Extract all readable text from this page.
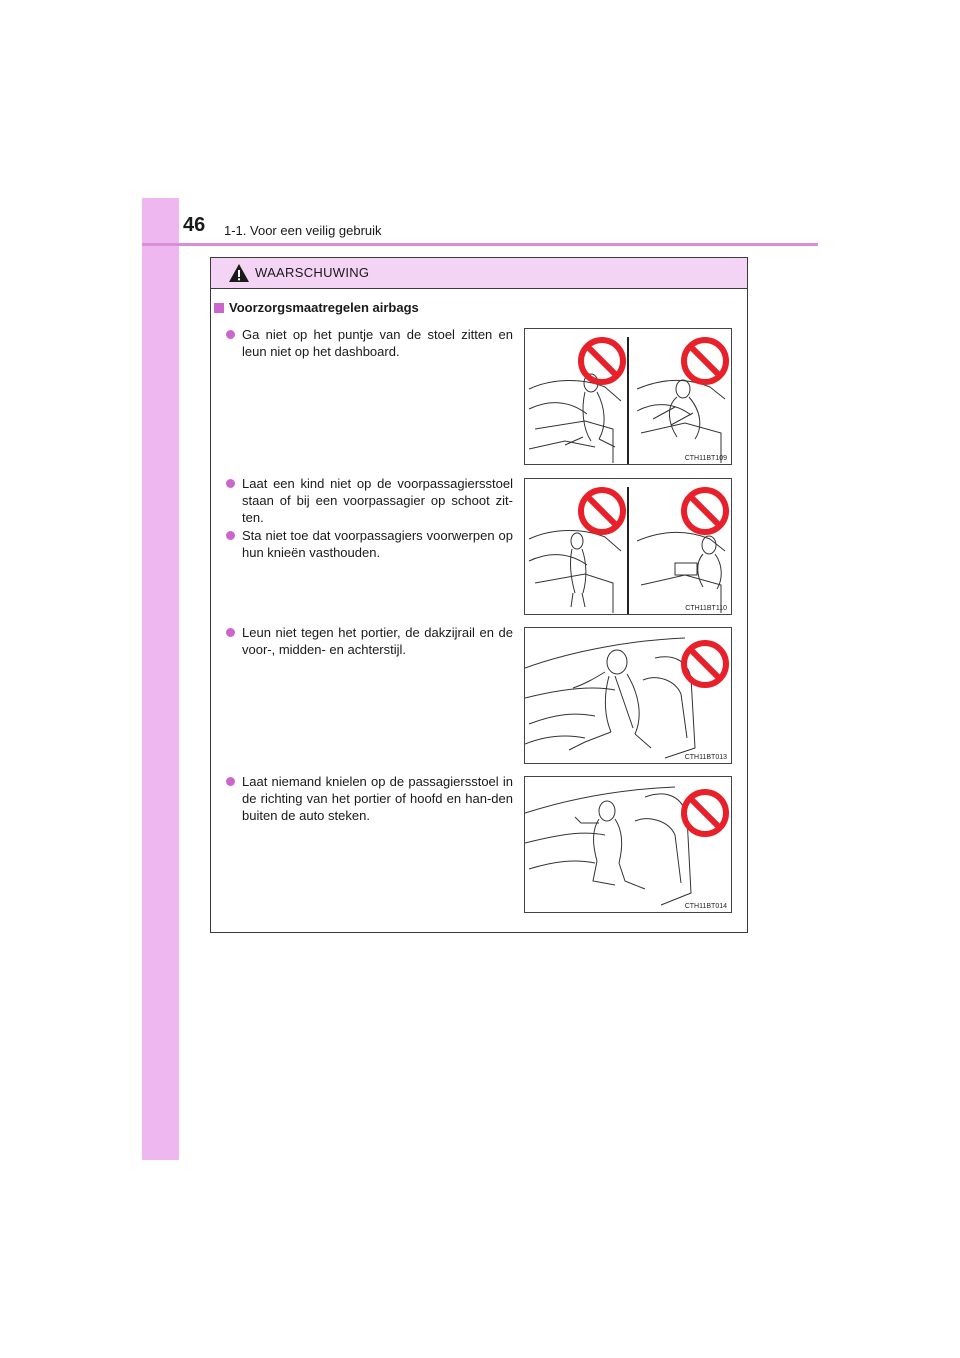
46 1-1. Voor een veilig gebruik
WAARSCHUWING
Voorzorgsmaatregelen airbags
Ga niet op het puntje van de stoel zitten en leun niet op het dashboard.
Laat een kind niet op de voorpassagiersstoel staan of bij een voorpassagier op schoot zit-ten.
Sta niet toe dat voorpassagiers voorwerpen op hun knieën vasthouden.
Leun niet tegen het portier, de dakzijrail en de voor-, midden- en achterstijl.
Laat niemand knielen op de passagiersstoel in de richting van het portier of hoofd en han-den buiten de auto steken.
CTH11BT109
CTH11BT110
CTH11BT013
CTH11BT014
